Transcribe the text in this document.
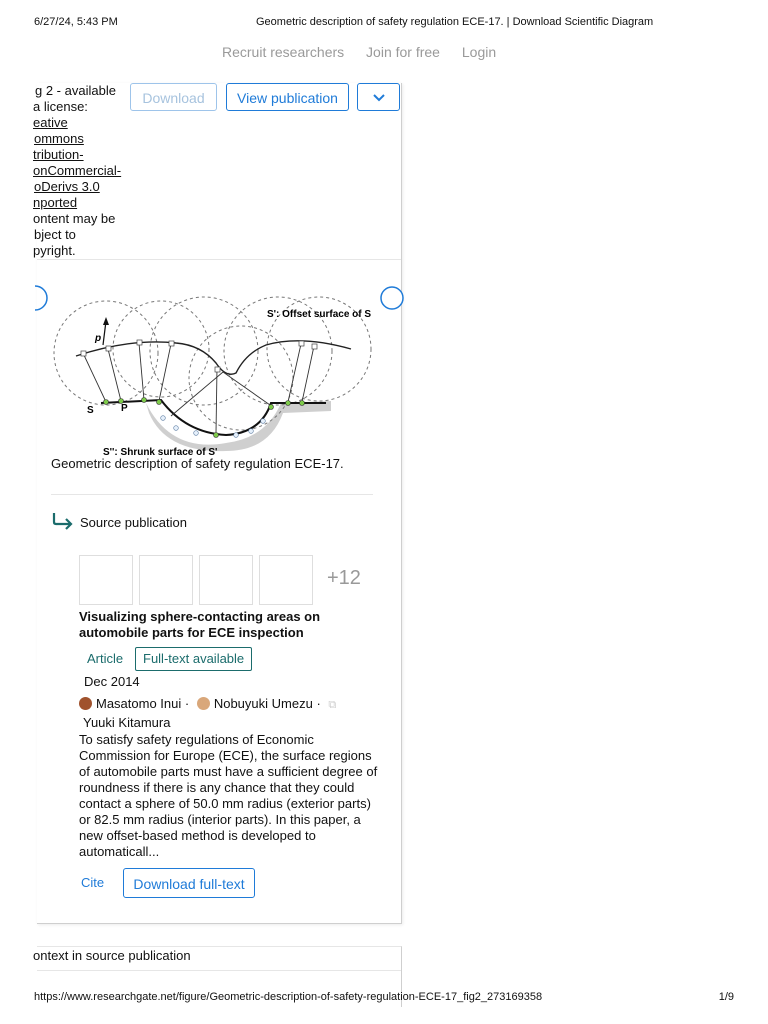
6/27/24, 5:43 PM	Geometric description of safety regulation ECE-17. | Download Scientific Diagram
Recruit researchers Join for free Login
g 2 - available
a license:
eative
ommons
tribution-
onCommercial-
oDerivs 3.0
nported
ontent may be
bject to
pyright.
Download	View publication
p
S	P
S': Offset surface of S
S'': Shrunk surface of S'
Geometric description of safety regulation ECE-17.
Source publication
+12
Visualizing sphere-contacting areas on automobile parts for ECE inspection
Article	Full-text available
Dec 2014
Masatomo Inui · Nobuyuki Umezu · ⧉
Yuuki Kitamura
To satisfy safety regulations of Economic Commission for Europe (ECE), the surface regions of automobile parts must have a sufficient degree of roundness if there is any chance that they could contact a sphere of 50.0 mm radius (exterior parts) or 82.5 mm radius (interior parts). In this paper, a new offset-based method is developed to automaticall...
Cite	Download full-text
ontext in source publication
https://www.researchgate.net/figure/Geometric-description-of-safety-regulation-ECE-17_fig2_273169358	1/9
